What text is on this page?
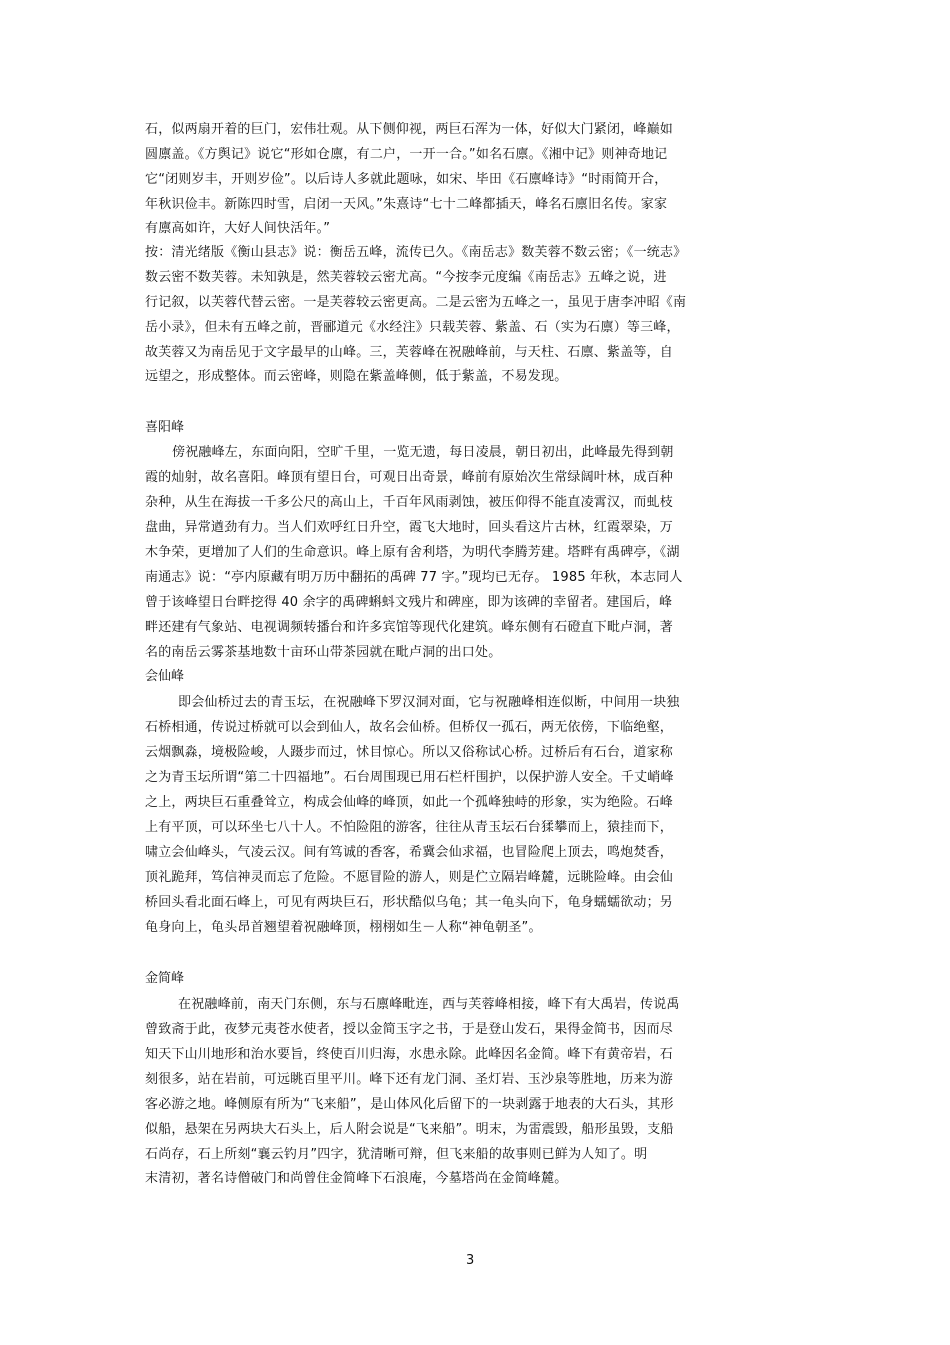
石，似两扇开着的巨门，宏伟壮观。从下侧仰视，两巨石浑为一体，好似大门紧闭，峰巅如
圆廪盖。《方舆记》说它“形如仓廪，有二户，一开一合。”如名石廪。《湘中记》则神奇地记
它“闭则岁丰，开则岁俭”。以后诗人多就此题咏，如宋、毕田《石廪峰诗》“时雨简开合，
年秋识俭丰。新陈四时雪，启闭一天风。”朱熹诗“七十二峰都插天，峰名石廪旧名传。家家
有廪高如许，大好人间快活年。”
按：清光绪版《衡山县志》说：衡岳五峰，流传已久。《南岳志》数芙蓉不数云密；《一统志》
数云密不数芙蓉。未知孰是，然芙蓉较云密尤高。“今按李元度编《南岳志》五峰之说，进
行记叙，以芙蓉代替云密。一是芙蓉较云密更高。二是云密为五峰之一，虽见于唐李冲昭《南
岳小录》，但未有五峰之前，晋郦道元《水经注》只载芙蓉、紫盖、石（实为石廪）等三峰，
故芙蓉又为南岳见于文字最早的山峰。三，芙蓉峰在祝融峰前，与天柱、石廪、紫盖等，自
远望之，形成整体。而云密峰，则隐在紫盖峰侧，低于紫盖，不易发现。
喜阳峰
傍祝融峰左，东面向阳，空旷千里，一览无遗，每日凌晨，朝日初出，此峰最先得到朝
霞的灿射，故名喜阳。峰顶有望日台，可观日出奇景，峰前有原始次生常绿阔叶林，成百种
杂种，从生在海拔一千多公尺的高山上，千百年风雨剥蚀，被压仰得不能直凌霄汉，而虬枝
盘曲，异常遒劲有力。当人们欢呼红日升空，霞飞大地时，回头看这片古林，红霞翠染，万
木争荣，更增加了人们的生命意识。峰上原有舍利塔，为明代李腾芳建。塔畔有禹碑亭，《湖
南通志》说：“亭内原藏有明万历中翻拓的禹碑 77 字。”现均已无存。 1985 年秋，本志同人
曾于该峰望日台畔挖得 40 余字的禹碑蝌蚪文残片和碑座，即为该碑的幸留者。建国后，峰
畔还建有气象站、电视调频转播台和许多宾馆等现代化建筑。峰东侧有石磴直下毗卢洞，著
名的南岳云雾茶基地数十亩环山带茶园就在毗卢洞的出口处。
会仙峰
即会仙桥过去的青玉坛，在祝融峰下罗汉洞对面，它与祝融峰相连似断，中间用一块独
石桥相通，传说过桥就可以会到仙人，故名会仙桥。但桥仅一孤石，两无依傍，下临绝壑，
云烟飘淼，境极险峻，人蹑步而过，怵目惊心。所以又俗称试心桥。过桥后有石台，道家称
之为青玉坛所谓“第二十四福地”。石台周围现已用石栏杆围护，以保护游人安全。千丈峭峰
之上，两块巨石重叠耸立，构成会仙峰的峰顶，如此一个孤峰独峙的形象，实为绝险。石峰
上有平顶，可以环坐七八十人。不怕险阻的游客，往往从青玉坛石台猱攀而上，猿挂而下，
啸立会仙峰头，气凌云汉。间有笃诚的香客，希冀会仙求福，也冒险爬上顶去，鸣炮焚香，
顶礼跪拜，笃信神灵而忘了危险。不愿冒险的游人，则是伫立隔岩峰麓，远眺险峰。由会仙
桥回头看北面石峰上，可见有两块巨石，形状酷似乌龟；其一龟头向下，龟身蠕蠕欲动；另
龟身向上，龟头昂首翘望着祝融峰顶，栩栩如生－人称“神龟朝圣”。
金简峰
在祝融峰前，南天门东侧，东与石廪峰毗连，西与芙蓉峰相接，峰下有大禹岩，传说禹
曾致斋于此，夜梦元夷苍水使者，授以金简玉字之书，于是登山发石，果得金简书，因而尽
知天下山川地形和治水要旨，终使百川归海，水患永除。此峰因名金简。峰下有黄帝岩，石
刻很多，站在岩前，可远眺百里平川。峰下还有龙门洞、圣灯岩、玉沙泉等胜地，历来为游
客必游之地。峰侧原有所为“飞来船”，是山体风化后留下的一块剥露于地表的大石头，其形
似船，悬架在另两块大石头上，后人附会说是“飞来船”。明末，为雷震毁，船形虽毁，支船
石尚存，石上所刻“襄云钓月”四字，犹清晰可辩，但飞来船的故事则已鲜为人知了。明
末清初，著名诗僧破门和尚曾住金简峰下石浪庵，今墓塔尚在金简峰麓。
3
